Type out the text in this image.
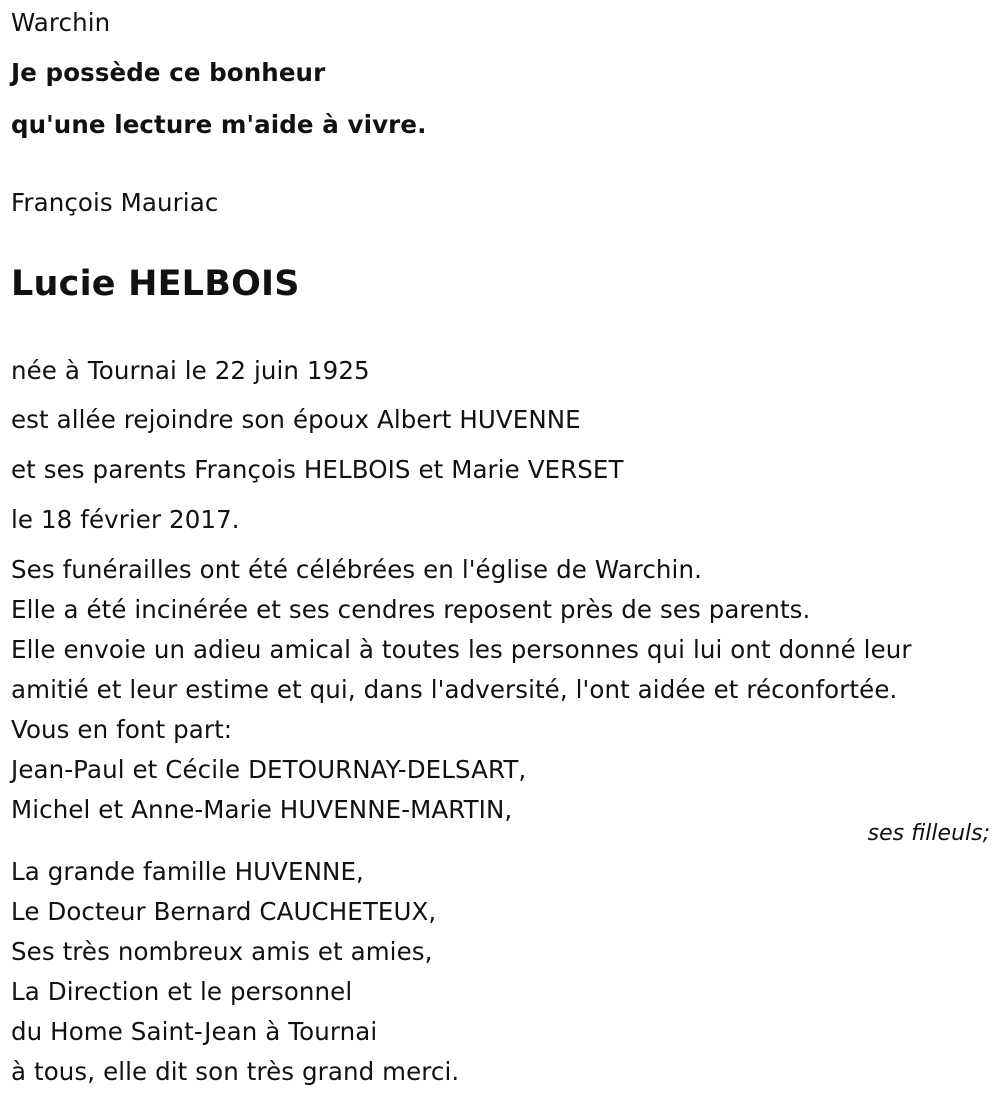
Warchin
Je possède ce bonheur
qu'une lecture m'aide à vivre.
François Mauriac
Lucie HELBOIS
née à Tournai le 22 juin 1925
est allée rejoindre son époux Albert HUVENNE
et ses parents François HELBOIS et Marie VERSET
le 18 février 2017.
Ses funérailles ont été célébrées en l'église de Warchin.
Elle a été incinérée et ses cendres reposent près de ses parents.
Elle envoie un adieu amical à toutes les personnes qui lui ont donné leur
amitié et leur estime et qui, dans l'adversité, l'ont aidée et réconfortée.
Vous en font part:
Jean-Paul et Cécile DETOURNAY-DELSART,
Michel et Anne-Marie HUVENNE-MARTIN,
ses filleuls;
La grande famille HUVENNE,
Le Docteur Bernard CAUCHETEUX,
Ses très nombreux amis et amies,
La Direction et le personnel
du Home Saint-Jean à Tournai
à tous, elle dit son très grand merci.
